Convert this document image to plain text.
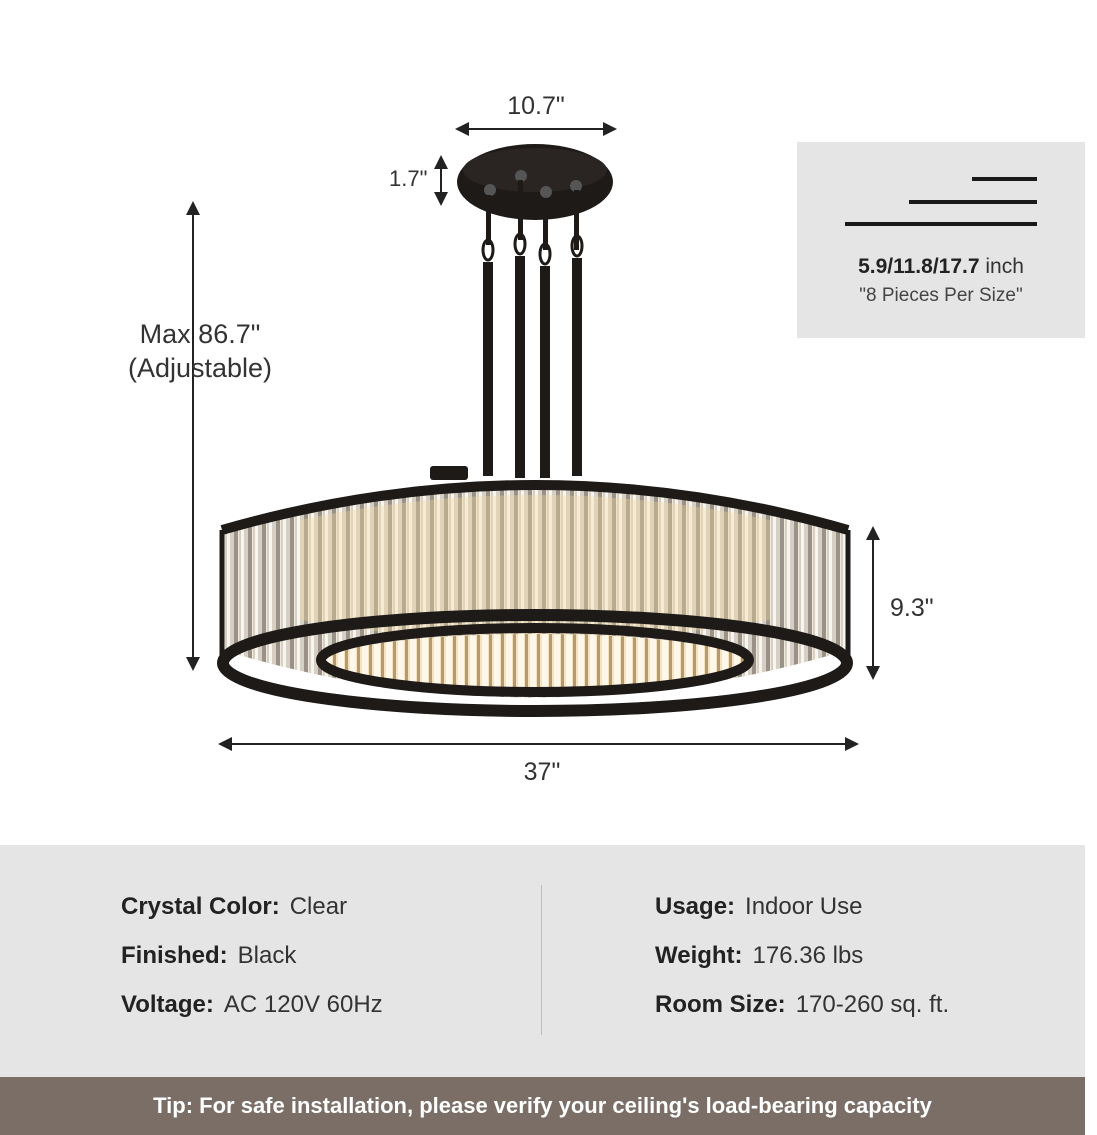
10.7"
1.7"
Max 86.7"
(Adjustable)
9.3"
37"
5.9/11.8/17.7 inch
"8 Pieces Per Size"
Crystal Color: Clear
Finished: Black
Voltage: AC 120V 60Hz
Usage: Indoor Use
Weight: 176.36 lbs
Room Size: 170-260 sq. ft.
Tip: For safe installation, please verify your ceiling's load-bearing capacity
